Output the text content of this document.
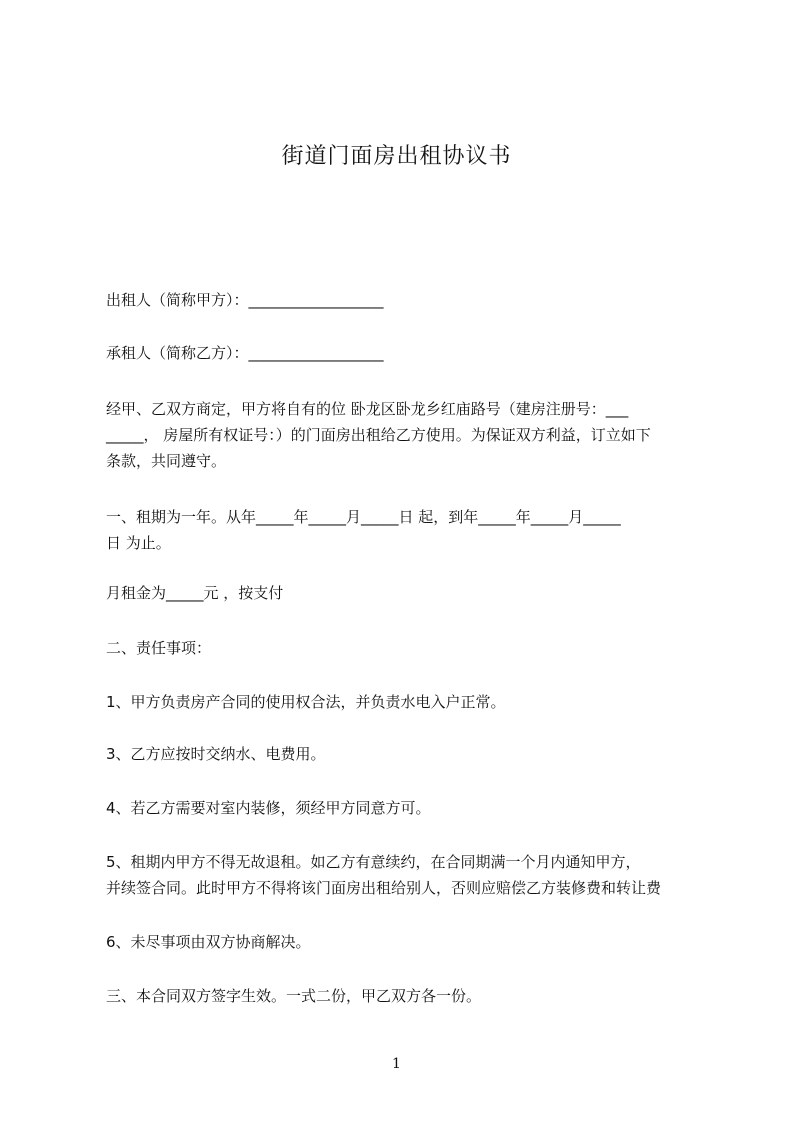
街道门面房出租协议书
出租人（简称甲方）：__________________
承租人（简称乙方）：__________________
经甲、乙双方商定，甲方将自有的位 卧龙区卧龙乡红庙路号（建房注册号：___
_____， 房屋所有权证号：）的门面房出租给乙方使用。为保证双方利益，订立如下
条款，共同遵守。
一、租期为一年。从年_____年_____月_____日 起，到年_____年_____月_____
日 为止。
月租金为_____元 ，按支付
二、责任事项：
1、甲方负责房产合同的使用权合法，并负责水电入户正常。
3、乙方应按时交纳水、电费用。
4、若乙方需要对室内装修，须经甲方同意方可。
5、租期内甲方不得无故退租。如乙方有意续约，在合同期满一个月内通知甲方，
并续签合同。此时甲方不得将该门面房出租给别人，否则应赔偿乙方装修费和转让费
6、未尽事项由双方协商解决。
三、本合同双方签字生效。一式二份，甲乙双方各一份。
1
